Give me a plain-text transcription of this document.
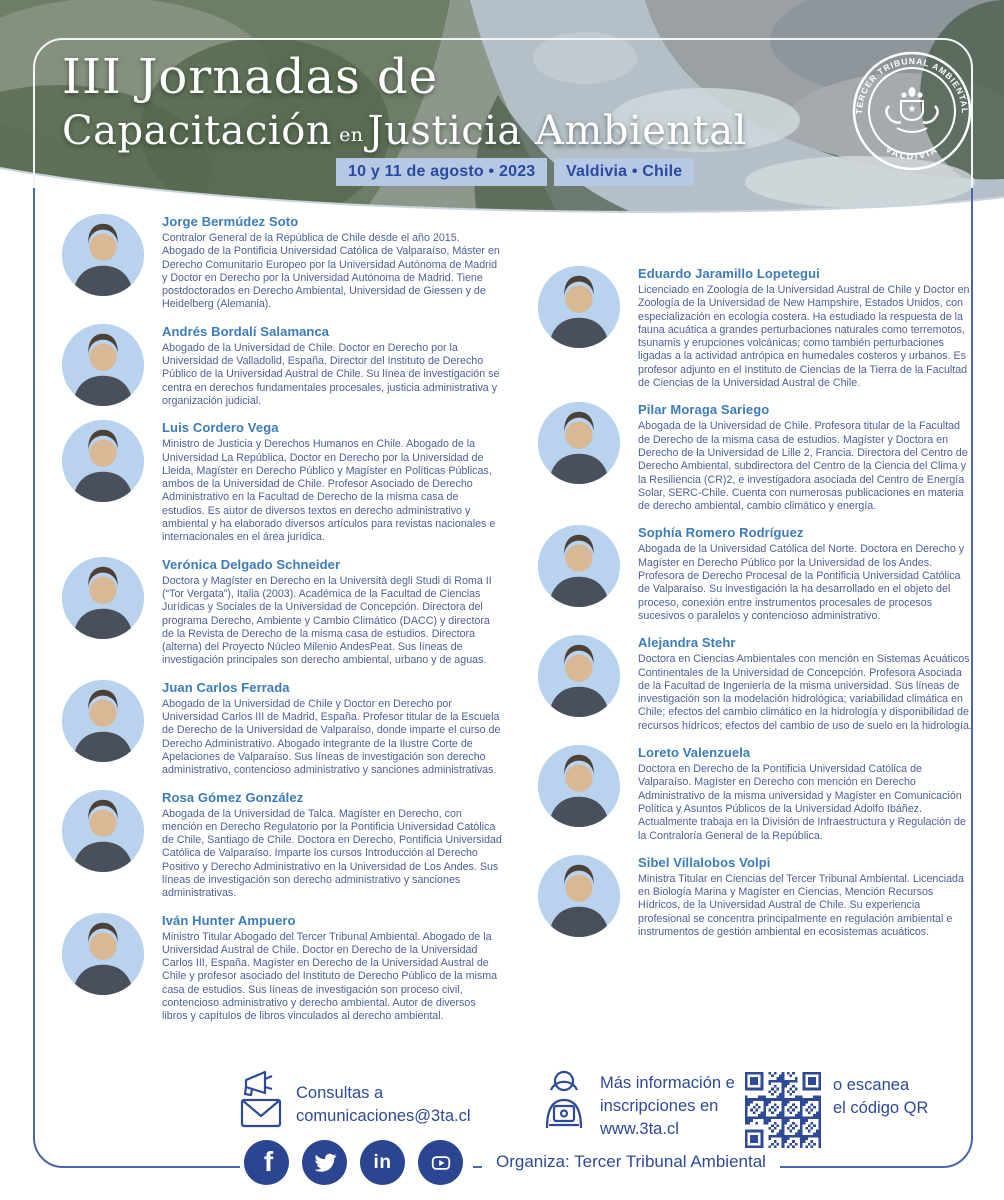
III Jornadas de
Capacitación en Justicia Ambiental
10 y 11 de agosto • 2023	Valdivia • Chile
TERCER TRIBUNAL AMBIENTAL
VALDIVIA
★
Jorge Bermúdez Soto
Contralor General de la República de Chile desde el año 2015. Abogado de la Pontificia Universidad Católica de Valparaíso, Máster en Derecho Comunitario Europeo por la Universidad Autónoma de Madrid y Doctor en Derecho por la Universidad Autónoma de Madrid. Tiene postdoctorados en Derecho Ambiental, Universidad de Giessen y de Heidelberg (Alemania).
Andrés Bordalí Salamanca
Abogado de la Universidad de Chile. Doctor en Derecho por la Universidad de Valladolid, España. Director del Instituto de Derecho Público de la Universidad Austral de Chile. Su línea de investigación se centra en derechos fundamentales procesales, justicia administrativa y organización judicial.
Luis Cordero Vega
Ministro de Justicia y Derechos Humanos en Chile. Abogado de la Universidad La República, Doctor en Derecho por la Universidad de Lleida, Magíster en Derecho Público y Magíster en Políticas Públicas, ambos de la Universidad de Chile. Profesor Asociado de Derecho Administrativo en la Facultad de Derecho de la misma casa de estudios. Es autor de diversos textos en derecho administrativo y ambiental y ha elaborado diversos artículos para revistas nacionales e internacionales en el área jurídica.
Verónica Delgado Schneider
Doctora y Magíster en Derecho en la Università degli Studi di Roma II (“Tor Vergata”), Italia (2003). Académica de la Facultad de Ciencias Jurídicas y Sociales de la Universidad de Concepción. Directora del programa Derecho, Ambiente y Cambio Climático (DACC) y directora de la Revista de Derecho de la misma casa de estudios. Directora (alterna) del Proyecto Núcleo Milenio AndesPeat. Sus líneas de investigación principales son derecho ambiental, urbano y de aguas.
Juan Carlos Ferrada
Abogado de la Universidad de Chile y Doctor en Derecho por Universidad Carlos III de Madrid, España. Profesor titular de la Escuela de Derecho de la Universidad de Valparaíso, donde imparte el curso de Derecho Administrativo. Abogado integrante de la Ilustre Corte de Apelaciones de Valparaíso. Sus líneas de investigación son derecho administrativo, contencioso administrativo y sanciones administrativas.
Rosa Gómez González
Abogada de la Universidad de Talca. Magíster en Derecho, con mención en Derecho Regulatorio por la Pontificia Universidad Católica de Chile, Santiago de Chile. Doctora en Derecho, Pontificia Universidad Católica de Valparaíso. Imparte los cursos Introducción al Derecho Positivo y Derecho Administrativo en la Universidad de Los Andes. Sus líneas de investigación son derecho administrativo y sanciones administrativas.
Iván Hunter Ampuero
Ministro Titular Abogado del Tercer Tribunal Ambiental. Abogado de la Universidad Austral de Chile. Doctor en Derecho de la Universidad Carlos III, España. Magíster en Derecho de la Universidad Austral de Chile y profesor asociado del Instituto de Derecho Público de la misma casa de estudios. Sus líneas de investigación son proceso civil, contencioso administrativo y derecho ambiental. Autor de diversos libros y capítulos de libros vinculados al derecho ambiental.
Eduardo Jaramillo Lopetegui
Licenciado en Zoología de la Universidad Austral de Chile y Doctor en Zoología de la Universidad de New Hampshire, Estados Unidos, con especialización en ecología costera. Ha estudiado la respuesta de la fauna acuática a grandes perturbaciones naturales como terremotos, tsunamis y erupciones volcánicas; como también perturbaciones ligadas a la actividad antrópica en humedales costeros y urbanos. Es profesor adjunto en el Instituto de Ciencias de la Tierra de la Facultad de Ciencias de la Universidad Austral de Chile.
Pilar Moraga Sariego
Abogada de la Universidad de Chile. Profesora titular de la Facultad de Derecho de la misma casa de estudios. Magíster y Doctora en Derecho de la Universidad de Lille 2, Francia. Directora del Centro de Derecho Ambiental, subdirectora del Centro de la Ciencia del Clima y la Resiliencia (CR)2, e investigadora asociada del Centro de Energía Solar, SERC-Chile. Cuenta con numerosas publicaciones en materia de derecho ambiental, cambio climático y energía.
Sophía Romero Rodríguez
Abogada de la Universidad Católica del Norte. Doctora en Derecho y Magíster en Derecho Público por la Universidad de los Andes. Profesora de Derecho Procesal de la Pontificia Universidad Católica de Valparaíso. Su investigación la ha desarrollado en el objeto del proceso, conexión entre instrumentos procesales de procesos sucesivos o paralelos y contencioso administrativo.
Alejandra Stehr
Doctora en Ciencias Ambientales con mención en Sistemas Acuáticos Continentales de la Universidad de Concepción. Profesora Asociada de la Facultad de Ingeniería de la misma universidad. Sus líneas de investigación son la modelación hidrológica; variabilidad climática en Chile; efectos del cambio climático en la hidrología y disponibilidad de recursos hídricos; efectos del cambio de uso de suelo en la hidrología.
Loreto Valenzuela
Doctora en Derecho de la Pontificia Universidad Católica de Valparaíso. Magíster en Derecho con mención en Derecho Administrativo de la misma universidad y Magíster en Comunicación Política y Asuntos Públicos de la Universidad Adolfo Ibáñez. Actualmente trabaja en la División de Infraestructura y Regulación de la Contraloría General de la República.
Sibel Villalobos Volpi
Ministra Titular en Ciencias del Tercer Tribunal Ambiental. Licenciada en Biología Marina y Magíster en Ciencias, Mención Recursos Hídricos, de la Universidad Austral de Chile. Su experiencia profesional se concentra principalmente en regulación ambiental e instrumentos de gestión ambiental en ecosistemas acuáticos.
Consultas a
comunicaciones@3ta.cl
Más información e
inscripciones en
www.3ta.cl
o escanea
el código QR
f	in	Organiza: Tercer Tribunal Ambiental
